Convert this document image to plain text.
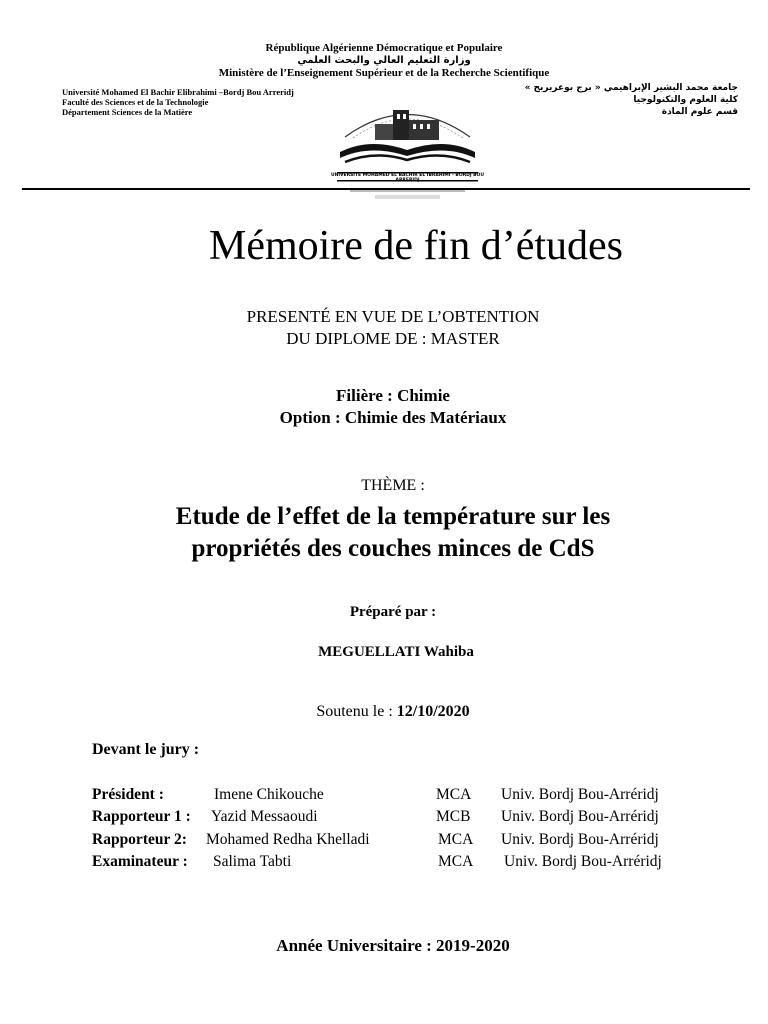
République Algérienne Démocratique et Populaire
وزارة التعليم العالي والبحث العلمي
Ministère de l’Enseignement Supérieur et de la Recherche Scientifique
Université Mohamed El Bachir Elibrahimi –Bordj Bou Arreridj
Faculté des Sciences et de la Technologie
Département Sciences de la Matière
جامعة محمد البشير الإبراهيمي « برج بوعريريج »
كلية العلوم والتكنولوجيا
قسم علوم المادة
UNIVERSITE MOHAMED EL BACHIR EL IBRAHIMI - BORDJ BOU ARRERIDJ
Mémoire de fin d’études
PRESENTÉ EN VUE DE L’OBTENTION
DU DIPLOME DE : MASTER
Filière : Chimie
Option : Chimie des Matériaux
THÈME :
Etude de l’effet de la température sur les
propriétés des couches minces de CdS
Préparé par :
MEGUELLATI Wahiba
Soutenu le : 12/10/2020
Devant le jury :
Président :	Imene Chikouche	MCA Univ. Bordj Bou-Arréridj
Rapporteur 1 : Yazid Messaoudi	MCB Univ. Bordj Bou-Arréridj
Rapporteur 2: Mohamed Redha Khelladi	MCA Univ. Bordj Bou-Arréridj
Examinateur : Salima Tabti	MCA Univ. Bordj Bou-Arréridj
Année Universitaire : 2019-2020
